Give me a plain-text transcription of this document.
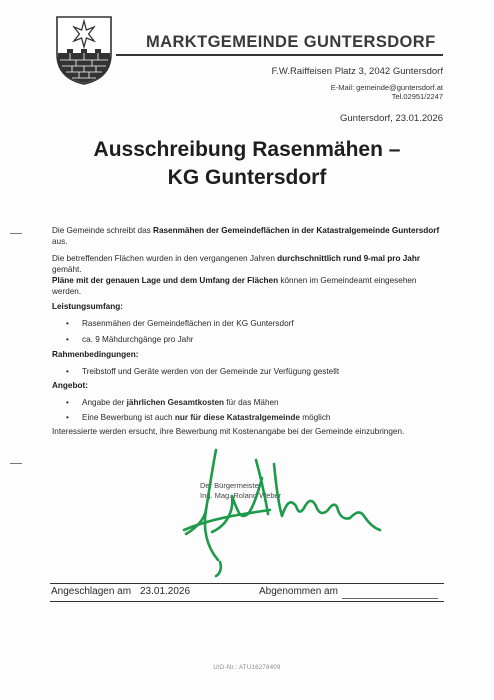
MARKTGEMEINDE GUNTERSDORF
F.W.Raiffeisen Platz 3, 2042 Guntersdorf
E-Mail: gemeinde@guntersdorf.at
Tel.02951/2247
Guntersdorf, 23.01.2026
Ausschreibung Rasenmähen –
KG Guntersdorf

Die Gemeinde schreibt das Rasenmähen der Gemeindeflächen in der Katastralgemeinde Guntersdorf aus.

Die betreffenden Flächen wurden in den vergangenen Jahren durchschnittlich rund 9-mal pro Jahr gemäht.

Pläne mit der genauen Lage und dem Umfang der Flächen können im Gemeindeamt eingesehen werden.

Leistungsumfang:
• Rasenmähen der Gemeindeflächen in der KG Guntersdorf
• ca. 9 Mähdurchgänge pro Jahr
Rahmenbedingungen:
• Treibstoff und Geräte werden von der Gemeinde zur Verfügung gestellt
Angebot:
• Angabe der jährlichen Gesamtkosten für das Mähen
• Eine Bewerbung ist auch nur für diese Katastralgemeinde möglich
Interessierte werden ersucht, ihre Bewerbung mit Kostenangabe bei der Gemeinde einzubringen.
Der Bürgermeister
Ing. Mag. Roland Weber
Angeschlagen am 23.01.2026	Abgenommen am
UID-Nr.: ATU16278409
